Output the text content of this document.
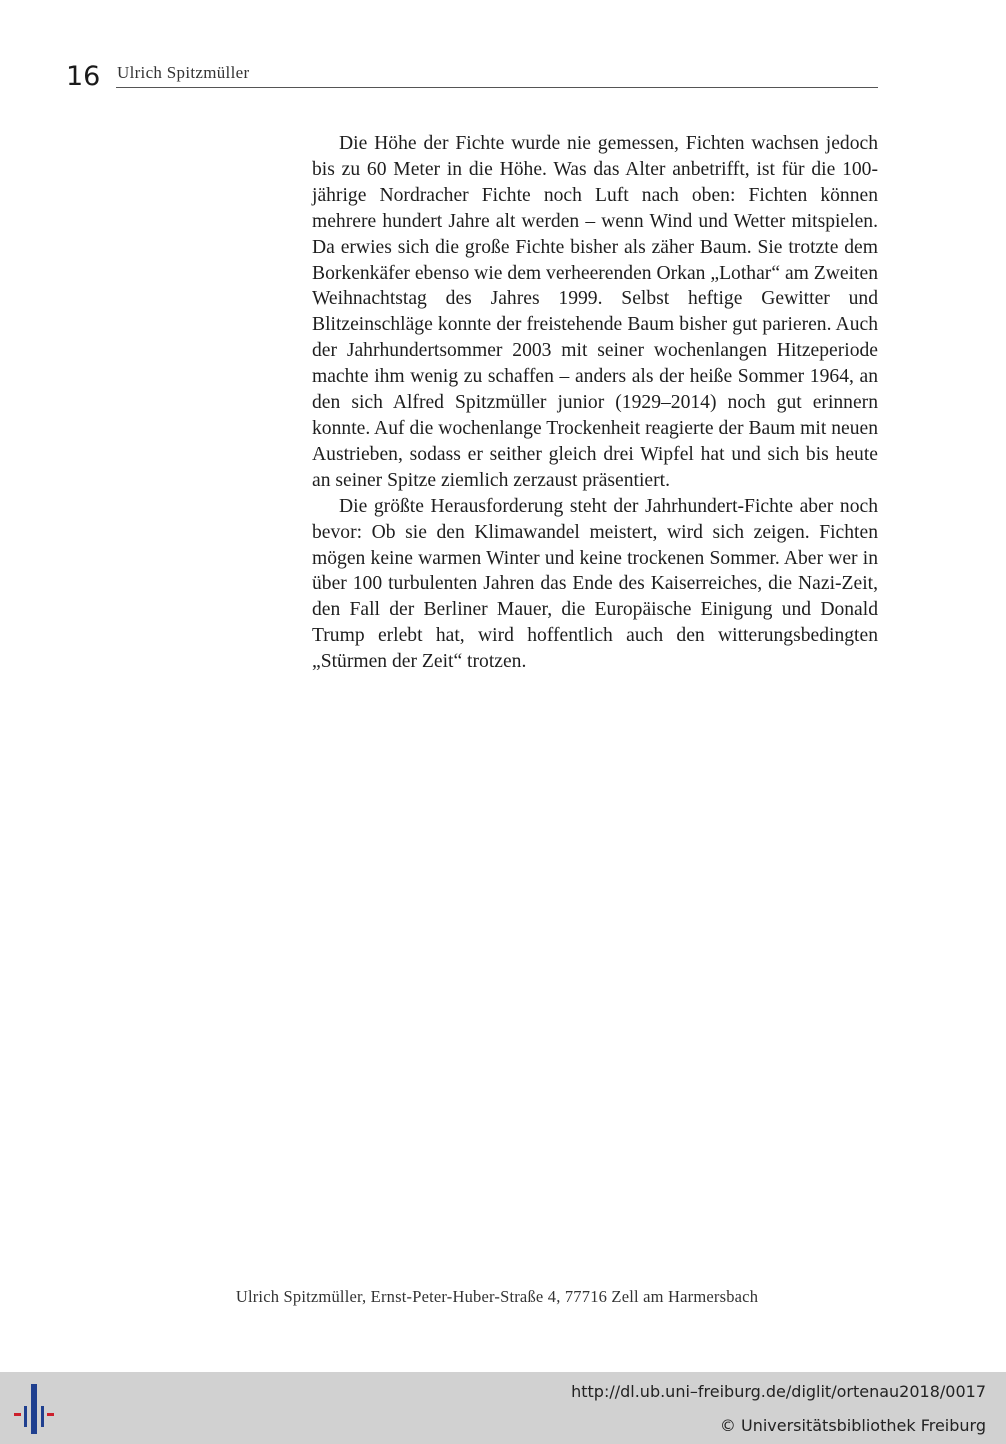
16 Ulrich Spitzmüller

Die Höhe der Fichte wurde nie gemessen, Fichten wachsen jedoch bis zu 60 Meter in die Höhe. Was das Alter anbetrifft, ist für die 100-jährige Nordracher Fichte noch Luft nach oben: Fichten können mehrere hundert Jahre alt werden – wenn Wind und Wetter mitspielen. Da erwies sich die große Fichte bisher als zäher Baum. Sie trotzte dem Borkenkäfer ebenso wie dem verheerenden Orkan „Lothar“ am Zweiten Weihnachtstag des Jahres 1999. Selbst heftige Gewitter und Blitzeinschläge konnte der freistehende Baum bisher gut parieren. Auch der Jahrhundertsommer 2003 mit seiner wochenlangen Hitzeperiode machte ihm wenig zu schaffen – anders als der heiße Sommer 1964, an den sich Alfred Spitzmüller junior (1929–2014) noch gut erinnern konnte. Auf die wochenlange Trockenheit reagierte der Baum mit neuen Austrieben, sodass er seither gleich drei Wipfel hat und sich bis heute an seiner Spitze ziemlich zerzaust präsentiert.

Die größte Herausforderung steht der Jahrhundert-Fichte aber noch bevor: Ob sie den Klimawandel meistert, wird sich zeigen. Fichten mögen keine warmen Winter und keine trockenen Sommer. Aber wer in über 100 turbulenten Jahren das Ende des Kaiserreiches, die Nazi-Zeit, den Fall der Berliner Mauer, die Europäische Einigung und Donald Trump erlebt hat, wird hoffentlich auch den witterungsbedingten „Stürmen der Zeit“ trotzen.

Ulrich Spitzmüller, Ernst-Peter-Huber-Straße 4, 77716 Zell am Harmersbach
http://dl.ub.uni–freiburg.de/diglit/ortenau2018/0017
© Universitätsbibliothek Freiburg
